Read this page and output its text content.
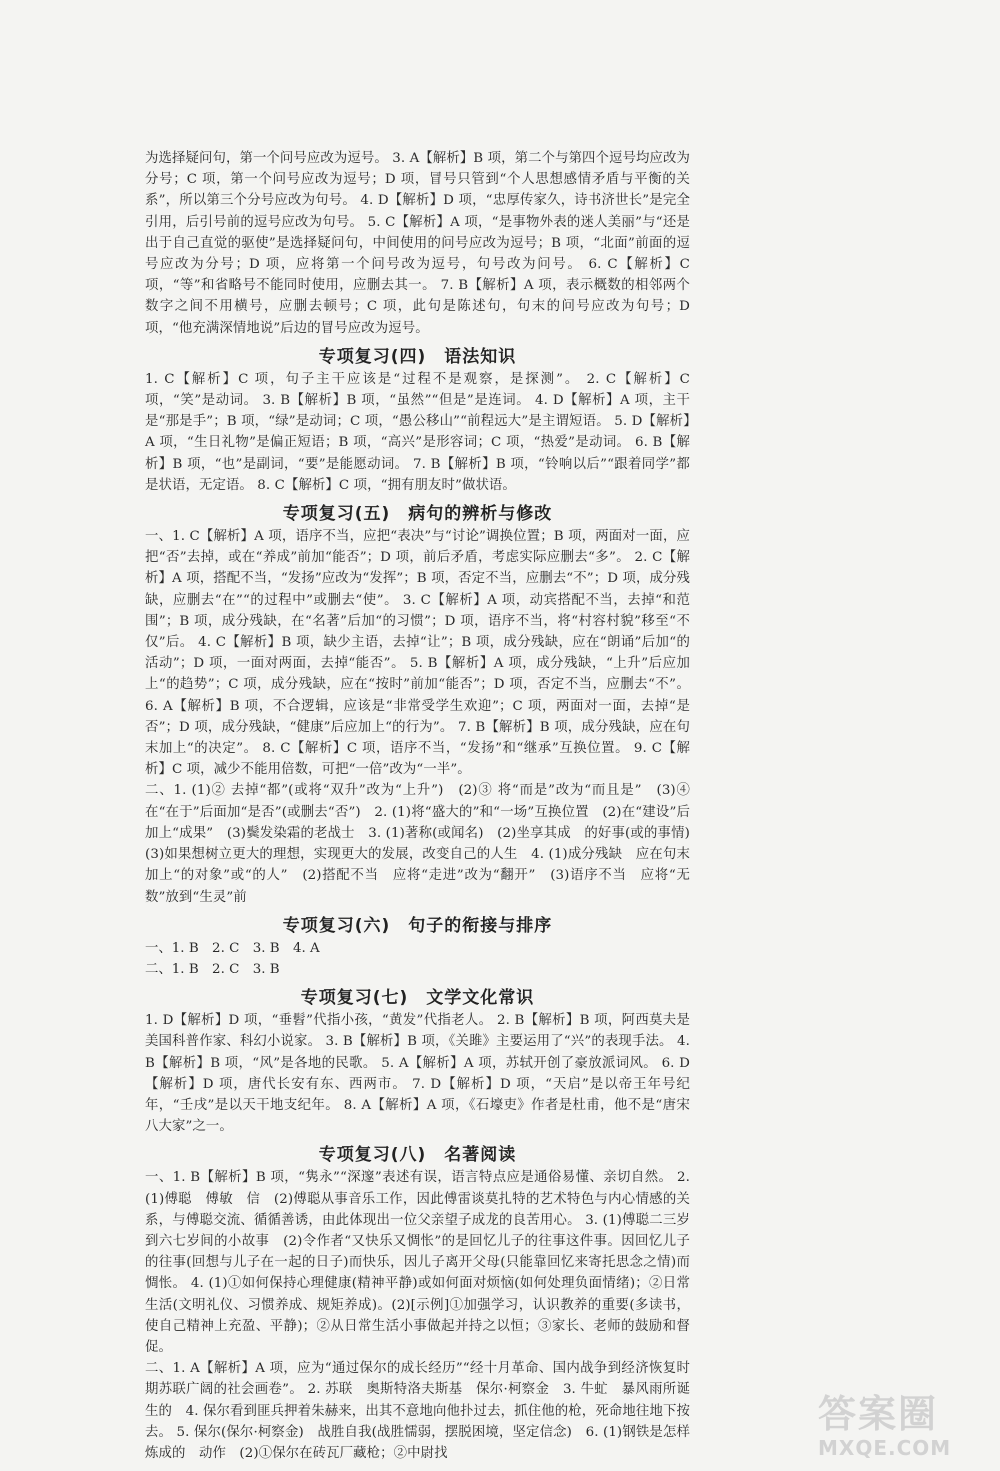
为选择疑问句，第一个问号应改为逗号。 3. A【解析】B 项，第二个与第四个逗号均应改为分号；C 项，第一个问号应改为逗号；D 项，冒号只管到“个人思想感情矛盾与平衡的关系”，所以第三个分号应改为句号。 4. D【解析】D 项，“忠厚传家久，诗书济世长”是完全引用，后引号前的逗号应改为句号。 5. C【解析】A 项，“是事物外表的迷人美丽”与“还是出于自己直觉的驱使”是选择疑问句，中间使用的问号应改为逗号；B 项，“北面”前面的逗号应改为分号；D 项，应将第一个问号改为逗号，句号改为问号。 6. C【解析】C 项，“等”和省略号不能同时使用，应删去其一。 7. B【解析】A 项，表示概数的相邻两个数字之间不用横号，应删去顿号；C 项，此句是陈述句，句末的问号应改为句号；D 项，“他充满深情地说”后边的冒号应改为逗号。

专项复习(四)　语法知识

1. C【解析】C 项，句子主干应该是“过程不是观察，是探测”。 2. C【解析】C 项，“笑”是动词。 3. B【解析】B 项，“虽然”“但是”是连词。 4. D【解析】A 项，主干是“那是手”；B 项，“绿”是动词；C 项，“愚公移山”“前程远大”是主谓短语。 5. D【解析】A 项，“生日礼物”是偏正短语；B 项，“高兴”是形容词；C 项，“热爱”是动词。 6. B【解析】B 项，“也”是副词，“要”是能愿动词。 7. B【解析】B 项，“铃响以后”“跟着同学”都是状语，无定语。 8. C【解析】C 项，“拥有朋友时”做状语。

专项复习(五)　病句的辨析与修改

一、1. C【解析】A 项，语序不当，应把“表决”与“讨论”调换位置；B 项，两面对一面，应把“否”去掉，或在“养成”前加“能否”；D 项，前后矛盾，考虑实际应删去“多”。 2. C【解析】A 项，搭配不当，“发扬”应改为“发挥”；B 项，否定不当，应删去“不”；D 项，成分残缺，应删去“在”“的过程中”或删去“使”。 3. C【解析】A 项，动宾搭配不当，去掉“和范围”；B 项，成分残缺，在“名著”后加“的习惯”；D 项，语序不当，将“村容村貌”移至“不仅”后。 4. C【解析】B 项，缺少主语，去掉“让”；B 项，成分残缺，应在“朗诵”后加“的活动”；D 项，一面对两面，去掉“能否”。 5. B【解析】A 项，成分残缺，“上升”后应加上“的趋势”；C 项，成分残缺，应在“按时”前加“能否”；D 项，否定不当，应删去“不”。 6. A【解析】B 项，不合逻辑，应该是“非常受学生欢迎”；C 项，两面对一面，去掉“是否”；D 项，成分残缺，“健康”后应加上“的行为”。 7. B【解析】B 项，成分残缺，应在句末加上“的决定”。 8. C【解析】C 项，语序不当，“发扬”和“继承”互换位置。 9. C【解析】C 项，减少不能用倍数，可把“一倍”改为“一半”。

二、1. (1)② 去掉“都”(或将“双升”改为“上升”)　(2)③ 将“而是”改为“而且是”　(3)④ 在“在于”后面加“是否”(或删去“否”)　2. (1)将“盛大的”和“一场”互换位置　(2)在“建设”后加上“成果”　(3)鬓发染霜的老战士　3. (1)著称(或闻名)　(2)坐享其成　的好事(或的事情)　(3)如果想树立更大的理想，实现更大的发展，改变自己的人生　4. (1)成分残缺　应在句末加上“的对象”或“的人”　(2)搭配不当　应将“走进”改为“翻开”　(3)语序不当　应将“无数”放到“生灵”前

专项复习(六)　句子的衔接与排序

一、1. B　2. C　3. B　4. A

二、1. B　2. C　3. B

专项复习(七)　文学文化常识

1. D【解析】D 项，“垂髫”代指小孩，“黄发”代指老人。 2. B【解析】B 项，阿西莫夫是美国科普作家、科幻小说家。 3. B【解析】B 项，《关雎》主要运用了“兴”的表现手法。 4. B【解析】B 项，“风”是各地的民歌。 5. A【解析】A 项，苏轼开创了豪放派词风。 6. D【解析】D 项，唐代长安有东、西两市。 7. D【解析】D 项，“天启”是以帝王年号纪年，“壬戌”是以天干地支纪年。 8. A【解析】A 项，《石壕吏》作者是杜甫，他不是“唐宋八大家”之一。

专项复习(八)　名著阅读

一、1. B【解析】B 项，“隽永”“深邃”表述有误，语言特点应是通俗易懂、亲切自然。 2. (1)傅聪　傅敏　信　(2)傅聪从事音乐工作，因此傅雷谈莫扎特的艺术特色与内心情感的关系，与傅聪交流、循循善诱，由此体现出一位父亲望子成龙的良苦用心。 3. (1)傅聪二三岁到六七岁间的小故事　(2)令作者“又快乐又惆怅”的是回忆儿子的往事这件事。因回忆儿子的往事(回想与儿子在一起的日子)而快乐，因儿子离开父母(只能靠回忆来寄托思念之情)而惆怅。 4. (1)①如何保持心理健康(精神平静)或如何面对烦恼(如何处理负面情绪)；②日常生活(文明礼仪、习惯养成、规矩养成)。(2)[示例]①加强学习，认识教养的重要(多读书，使自己精神上充盈、平静)；②从日常生活小事做起并持之以恒；③家长、老师的鼓励和督促。

二、1. A【解析】A 项，应为“通过保尔的成长经历”“经十月革命、国内战争到经济恢复时期苏联广阔的社会画卷”。 2. 苏联　奥斯特洛夫斯基　保尔·柯察金　3. 牛虻　暴风雨所诞生的　4. 保尔看到匪兵押着朱赫来，出其不意地向他扑过去，抓住他的枪，死命地往地下按去。 5. 保尔(保尔·柯察金)　战胜自我(战胜懦弱，摆脱困境，坚定信念)　6. (1)钢铁是怎样炼成的　动作　(2)①保尔在砖瓦厂藏枪；②中尉找

答案圈
MXQE.COM
